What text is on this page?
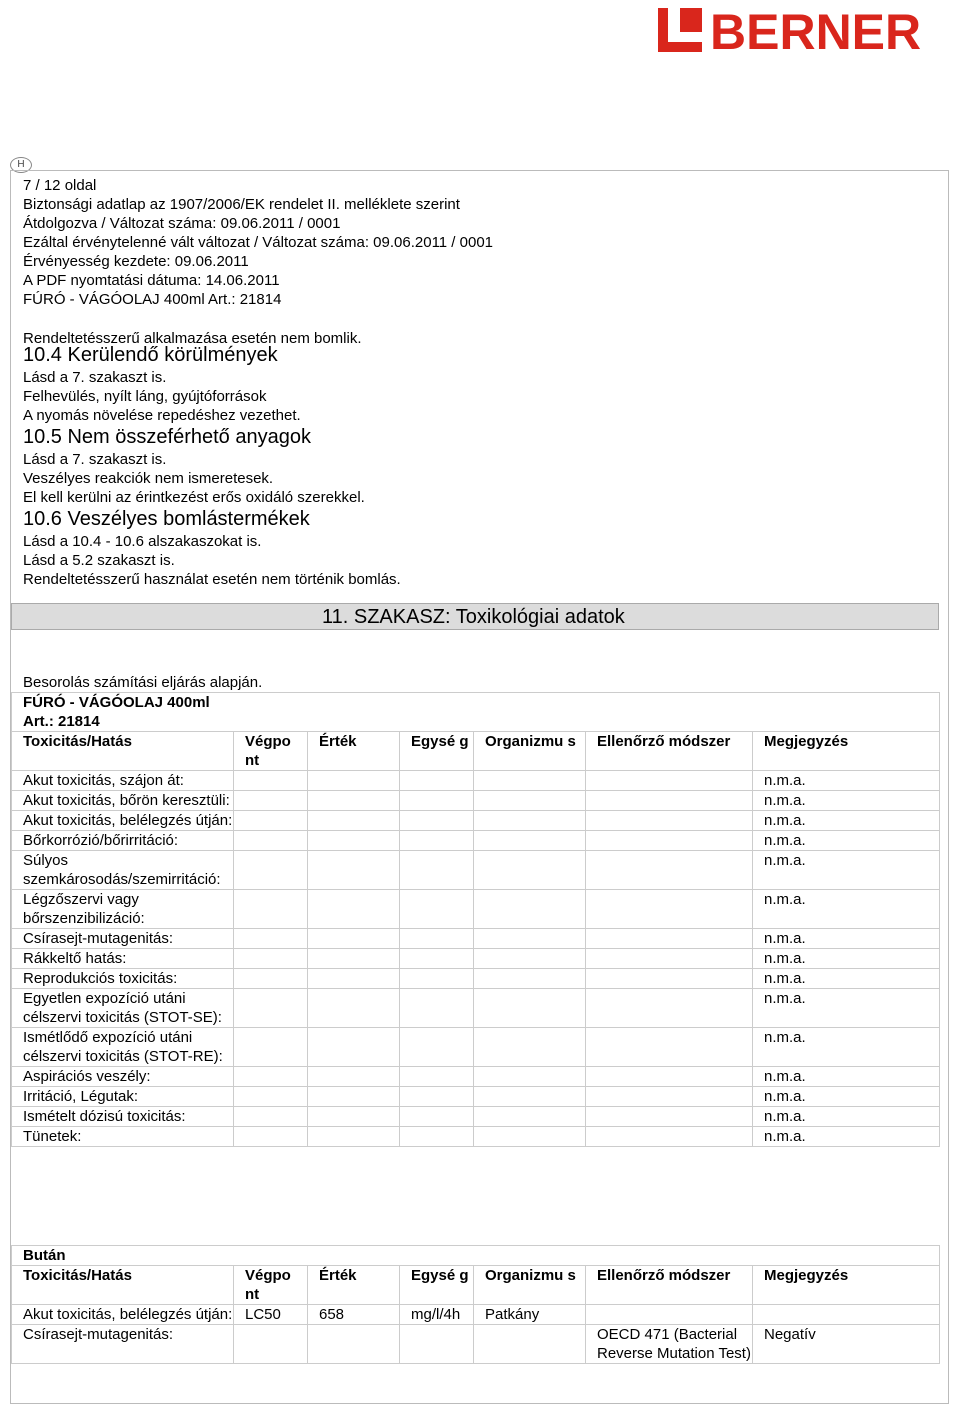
BERNER
H
7 / 12 oldal
Biztonsági adatlap az 1907/2006/EK rendelet II. melléklete szerint
Átdolgozva / Változat száma: 09.06.2011 / 0001
Ezáltal érvénytelenné vált változat / Változat száma: 09.06.2011 / 0001
Érvényesség kezdete: 09.06.2011
A PDF nyomtatási dátuma: 14.06.2011
FÚRÓ - VÁGÓOLAJ 400ml Art.: 21814
Rendeltetésszerű alkalmazása esetén nem bomlik.
10.4 Kerülendő körülmények
Lásd a 7. szakaszt is.
Felhevülés, nyílt láng, gyújtóforrások
A nyomás növelése repedéshez vezethet.
10.5 Nem összeférhető anyagok
Lásd a 7. szakaszt is.
Veszélyes reakciók nem ismeretesek.
El kell kerülni az érintkezést erős oxidáló szerekkel.
10.6 Veszélyes bomlástermékek
Lásd a 10.4 - 10.6 alszakaszokat is.
Lásd a 5.2 szakaszt is.
Rendeltetésszerű használat esetén nem történik bomlás.
11. SZAKASZ: Toxikológiai adatok
Besorolás számítási eljárás alapján.
FÚRÓ - VÁGÓOLAJ 400ml
Art.: 21814						
Toxicitás/Hatás	Végpo nt	Érték	Egysé g	Organizmu s	Ellenőrző módszer	Megjegyzés
Akut toxicitás, szájon át:						n.m.a.
Akut toxicitás, bőrön keresztüli:						n.m.a.
Akut toxicitás, belélegzés útján:						n.m.a.
Bőrkorrózió/bőrirritáció:						n.m.a.
Súlyos szemkárosodás/szemirritáció:						n.m.a.
Légzőszervi vagy bőrszenzibilizáció:						n.m.a.
Csírasejt-mutagenitás:						n.m.a.
Rákkeltő hatás:						n.m.a.
Reprodukciós toxicitás:						n.m.a.
Egyetlen expozíció utáni célszervi toxicitás (STOT-SE):						n.m.a.
Ismétlődő expozíció utáni célszervi toxicitás (STOT-RE):						n.m.a.
Aspirációs veszély:						n.m.a.
Irritáció, Légutak:						n.m.a.
Ismételt dózisú toxicitás:						n.m.a.
Tünetek:						n.m.a.
Bután						
Toxicitás/Hatás	Végpo nt	Érték	Egysé g	Organizmu s	Ellenőrző módszer	Megjegyzés
Akut toxicitás, belélegzés útján:	LC50	658	mg/l/4h	Patkány		
Csírasejt-mutagenitás:					OECD 471 (Bacterial Reverse Mutation Test)	Negatív
